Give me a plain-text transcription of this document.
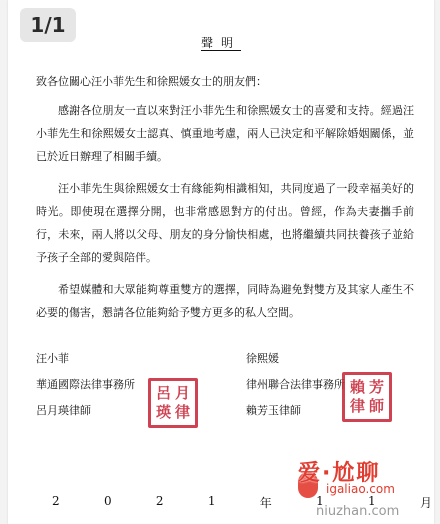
1/1
聲明

致各位關心汪小菲先生和徐熙媛女士的朋友們：

感謝各位朋友一直以來對汪小菲先生和徐熙媛女士的喜愛和支持。經過汪小菲先生和徐熙媛女士認真、慎重地考慮，兩人已決定和平解除婚姻關係，並已於近日辦理了相關手續。

汪小菲先生與徐熙媛女士有緣能夠相識相知，共同度過了一段幸福美好的時光。即使現在選擇分開，也非常感恩對方的付出。曾經，作為夫妻攜手前行，未來，兩人將以父母、朋友的身分愉快相處，也將繼續共同扶養孩子並給予孩子全部的愛與陪伴。

希望媒體和大眾能夠尊重雙方的選擇，同時為避免對雙方及其家人產生不必要的傷害，懇請各位能夠給予雙方更多的私人空間。

汪小菲
華通國際法律事務所
呂月瑛律師
徐熙媛
律州聯合法律事務所
賴芳玉律師
呂 月
瑛 律
賴 芳
律 師
2	0	2	1	年	1	1	月
爱·尬聊
igaliao.com
niuzhan.com
